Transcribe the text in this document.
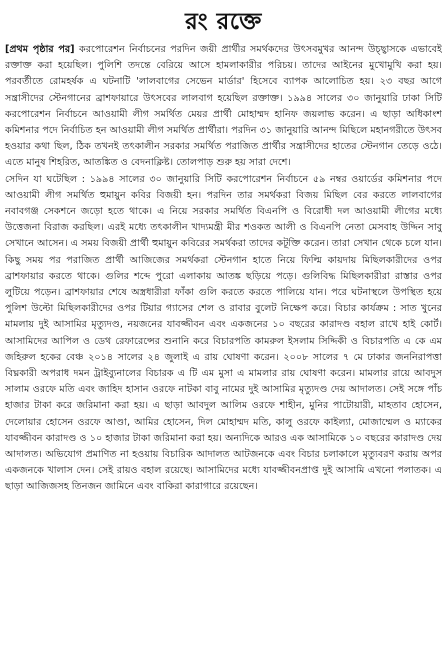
রং রক্তে

[প্রথম পৃষ্ঠার পর] করপোরেশন নির্বাচনের পরদিন জয়ী প্রার্থীর সমর্থকদের উৎসবমুখর আনন্দ উচ্ছ্বাসকে এভাবেই রক্তাক্ত করা হয়েছিল। পুলিশি তদন্তে বেরিয়ে আসে হামলাকারীর পরিচয়। তাদের আইনের মুখোমুখি করা হয়। পরবর্তীতে রোমহর্ষক এ ঘটনাটি 'লালবাগের সেভেন মার্ডার' হিসেবে ব্যাপক আলোচিত হয়। ২৩ বছর আগে সন্ত্রাসীদের স্টেনগানের ব্রাশফায়ারে উৎসবের লালবাগ হয়েছিল রক্তাক্ত। ১৯৯৪ সালের ৩০ জানুয়ারি ঢাকা সিটি করপোরেশন নির্বাচনে আওয়ামী লীগ সমর্থিত মেয়র প্রার্থী মোহাম্মদ হানিফ জয়লাভ করেন। এ ছাড়া অধিকাংশ কমিশনার পদে নির্বাচিত হন আওয়ামী লীগ সমর্থিত প্রার্থীরা। পরদিন ৩১ জানুয়ারি আনন্দ মিছিলে মহানগরীতে উৎসব হওয়ার কথা ছিল, ঠিক তখনই তৎকালীন সরকার সমর্থিত পরাজিত প্রার্থীর সন্ত্রাসীদের হাতের স্টেনগান তেড়ে ওঠে। এতে মানুষ শিহরিত, আতঙ্কিত ও বেদনাক্লিষ্ট। তোলপাড় শুরু হয় সারা দেশে।

সেদিন যা ঘটেছিল : ১৯৯৪ সালের ৩০ জানুয়ারি সিটি করপোরেশন নির্বাচনে ৫৯ নম্বর ওয়ার্ডের কমিশনার পদে আওয়ামী লীগ সমর্থিত হুমায়ুন কবির বিজয়ী হন। পরদিন তার সমর্থকরা বিজয় মিছিল বের করতে লালবাগের নবাবগঞ্জ সেকশনে জড়ো হতে থাকে। এ নিয়ে সরকার সমর্থিত বিএনপি ও বিরোধী দল আওয়ামী লীগের মধ্যে উত্তেজনা বিরাজ করছিল। এরই মধ্যে তৎকালীন খাদ্যমন্ত্রী মীর শওকত আলী ও বিএনপি নেতা মেসবাহ উদ্দিন সাবু সেখানে আসেন। এ সময় বিজয়ী প্রার্থী হুমায়ুন কবিরের সমর্থকরা তাদের কটূক্তি করেন। তারা সেখান থেকে চলে যান। কিছু সময় পর পরাজিত প্রার্থী আজিজের সমর্থকরা স্টেনগান হাতে নিয়ে ফিল্মি কায়দায় মিছিলকারীদের ওপর ব্রাশফায়ার করতে থাকে। গুলির শব্দে পুরো এলাকায় আতঙ্ক ছড়িয়ে পড়ে। গুলিবিদ্ধ মিছিলকারীরা রাস্তার ওপর লুটিয়ে পড়েন। ব্রাশফায়ার শেষে অস্ত্রধারীরা ফাঁকা গুলি করতে করতে পালিয়ে যান। পরে ঘটনাস্থলে উপস্থিত হয়ে পুলিশ উল্টো মিছিলকারীদের ওপর টিয়ার গ্যাসের শেল ও রাবার বুলেট নিক্ষেপ করে। বিচার কার্যক্রম : সাত খুনের মামলায় দুই আসামির মৃত্যুদণ্ড, নয়জনের যাবজ্জীবন এবং একজনের ১০ বছরের কারাদণ্ড বহাল রাখে হাই কোর্ট। আসামিদের আপিল ও ডেথ রেফারেন্সের শুনানি করে বিচারপতি কামরুল ইসলাম সিদ্দিকী ও বিচারপতি এ কে এম জহিরুল হকের বেঞ্চ ২০১৪ সালের ২৪ জুলাই এ রায় ঘোষণা করেন। ২০০৮ সালের ৭ মে ঢাকার জননিরাপত্তা বিঘ্নকারী অপরাধ দমন ট্রাইব্যুনালের বিচারক এ টি এম মুসা এ মামলার রায় ঘোষণা করেন। মামলার রায়ে আবদুস সালাম ওরফে মতি এবং জাহিদ হাসান ওরফে নাটকা বাবু নামের দুই আসামির মৃত্যুদণ্ড দেয় আদালত। সেই সঙ্গে পাঁচ হাজার টাকা করে জরিমানা করা হয়। এ ছাড়া আবদুল আলিম ওরফে শাহীন, মুনির পাটোয়ারী, মাহতাব হোসেন, দেলোয়ার হোসেন ওরফে আণ্ডা, আমির হোসেন, দিল মোহাম্মদ মতি, কালু ওরফে কাইল্যা, মোজাম্মেল ও ম্যাকের যাবজ্জীবন কারাদণ্ড ও ১০ হাজার টাকা জরিমানা করা হয়। অন্যদিকে আরও এক আসামিকে ১০ বছরের কারাদণ্ড দেয় আদালত। অভিযোগ প্রমাণিত না হওয়ায় বিচারিক আদালত আটজনকে এবং বিচার চলাকালে মৃত্যুবরণ করায় অপর একজনকে খালাস দেন। সেই রায়ও বহাল রয়েছে। আসামিদের মধ্যে যাবজ্জীবনপ্রাপ্ত দুই আসামি এখনো পলাতক। এ ছাড়া আজিজসহ তিনজন জামিনে এবং বাকিরা কারাগারে রয়েছেন।
